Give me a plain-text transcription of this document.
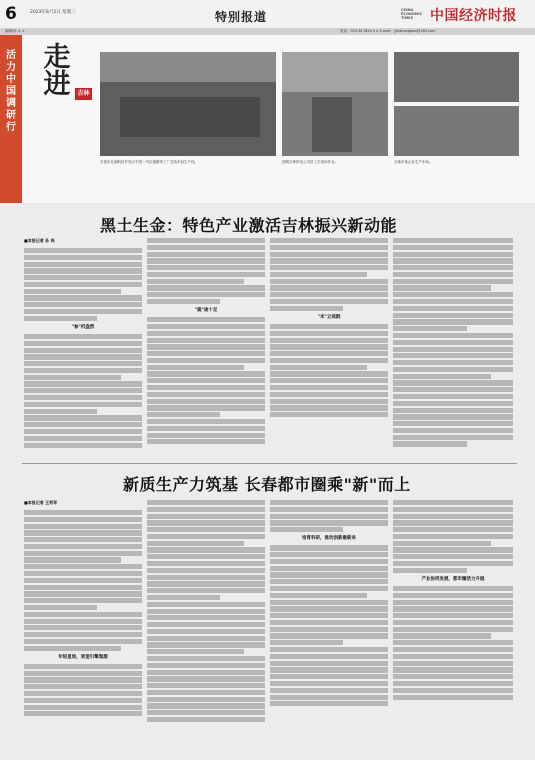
6	2023年8月2日 星期三	特别报道	CHINA ECONOMIC TIMES	中国经济时报
编辑/孙 × ×	电话：010-81785××× E-mail：jjrbzhongbao@163.com
活力中国调研行
走进	吉林
长春市北湖科技开发区中国一汽红旗繁荣工厂总装车间生产线。	国网吉林供电公司员工在现场作业。	吉林市某企业生产车间。
黑土生金：特色产业激活吉林振兴新动能
■本报记者 孙 尚
"参"机盎然
"鹿"途十足
"米"立鸡群
新质生产力筑基 长春都市圈乘"新"而上
■本报记者 王利军
年轻星坡，更造引擎集群
培育科研，推动创新最新来
产业协同发展，都市圈活力升级
